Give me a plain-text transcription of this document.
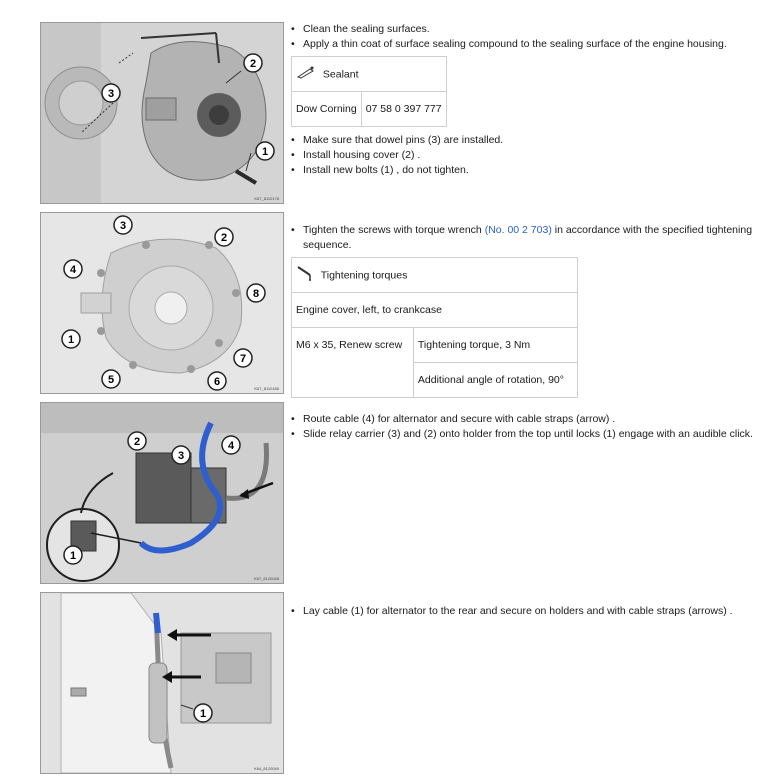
3
2
1
K67_8110178
• Clean the sealing surfaces.
• Apply a thin coat of surface sealing compound to the sealing surface of the engine housing.
Sealant
Dow Corning	07 58 0 397 777
• Make sure that dowel pins (3) are installed.
• Install housing cover (2) .
• Install new bolts (1) , do not tighten.
3
2
4
8
1
7
5	6
K67_8110186
• Tighten the screws with torque wrench (No. 00 2 703) in accordance with the specified tightening sequence.
Tightening torques
Engine cover, left, to crankcase
M6 x 35, Renew screw	Tightening torque, 3 Nm
Additional angle of rotation, 90°
2
3
4
1
K67_8120048
• Route cable (4) for alternator and secure with cable straps (arrow) .
• Slide relay carrier (3) and (2) onto holder from the top until locks (1) engage with an audible click.
1
K64_8120049
• Lay cable (1) for alternator to the rear and secure on holders and with cable straps (arrows) .
